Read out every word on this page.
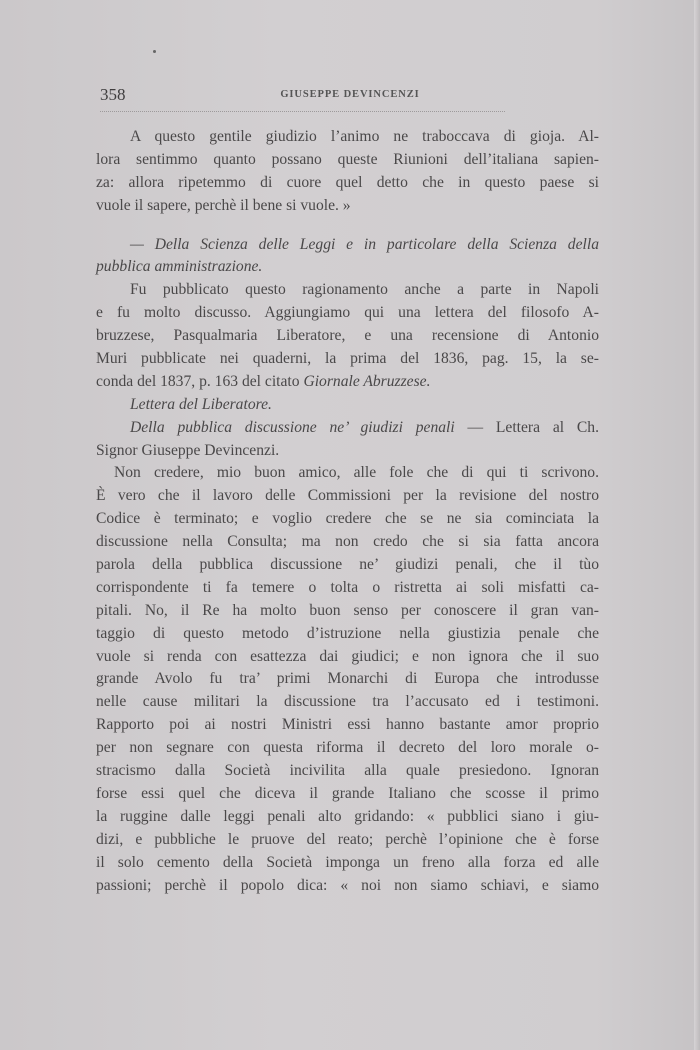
358	GIUSEPPE DEVINCENZI
A questo gentile giudizio l’animo ne traboccava di gioja. Al-
lora sentimmo quanto possano queste Riunioni dell’italiana sapien-
za: allora ripetemmo di cuore quel detto che in questo paese si
vuole il sapere, perchè il bene si vuole. »
— Della Scienza delle Leggi e in particolare della Scienza della
pubblica amministrazione.
Fu pubblicato questo ragionamento anche a parte in Napoli
e fu molto discusso. Aggiungiamo qui una lettera del filosofo A-
bruzzese, Pasqualmaria Liberatore, e una recensione di Antonio
Muri pubblicate nei quaderni, la prima del 1836, pag. 15, la se-
conda del 1837, p. 163 del citato Giornale Abruzzese.
Lettera del Liberatore.
Della pubblica discussione ne’ giudizi penali — Lettera al Ch.
Signor Giuseppe Devincenzi.
Non credere, mio buon amico, alle fole che di qui ti scrivono.
È vero che il lavoro delle Commissioni per la revisione del nostro
Codice è terminato; e voglio credere che se ne sia cominciata la
discussione nella Consulta; ma non credo che si sia fatta ancora
parola della pubblica discussione ne’ giudizi penali, che il tùo
corrispondente ti fa temere o tolta o ristretta ai soli misfatti ca-
pitali. No, il Re ha molto buon senso per conoscere il gran van-
taggio di questo metodo d’istruzione nella giustizia penale che
vuole si renda con esattezza dai giudici; e non ignora che il suo
grande Avolo fu tra’ primi Monarchi di Europa che introdusse
nelle cause militari la discussione tra l’accusato ed i testimoni.
Rapporto poi ai nostri Ministri essi hanno bastante amor proprio
per non segnare con questa riforma il decreto del loro morale o-
stracismo dalla Società incivilita alla quale presiedono. Ignoran
forse essi quel che diceva il grande Italiano che scosse il primo
la ruggine dalle leggi penali alto gridando: « pubblici siano i giu-
dizi, e pubbliche le pruove del reato; perchè l’opinione che è forse
il solo cemento della Società imponga un freno alla forza ed alle
passioni; perchè il popolo dica: « noi non siamo schiavi, e siamo
